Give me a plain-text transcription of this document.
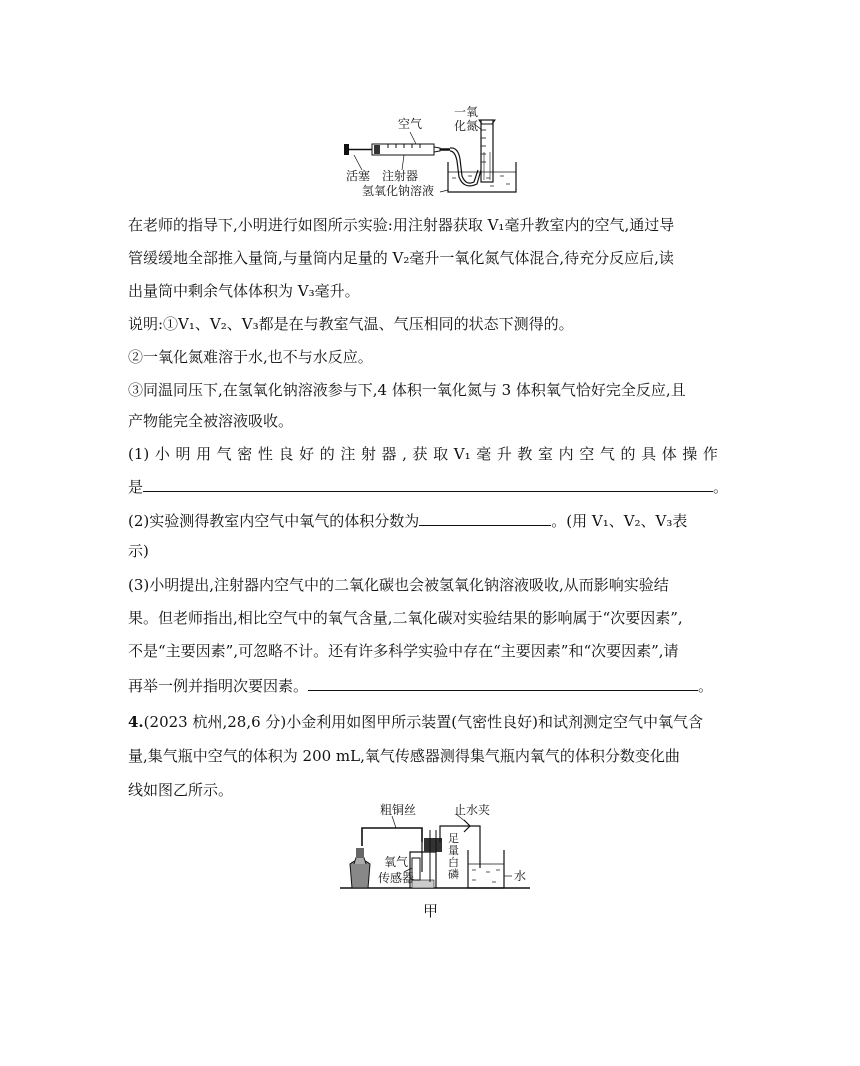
空气
一氧
化氮
活塞 注射器
氢氧化钠溶液
在老师的指导下,小明进行如图所示实验:用注射器获取 V₁毫升教室内的空气,通过导
管缓缓地全部推入量筒,与量筒内足量的 V₂毫升一氧化氮气体混合,待充分反应后,读
出量筒中剩余气体体积为 V₃毫升。
说明:①V₁、V₂、V₃都是在与教室气温、气压相同的状态下测得的。
②一氧化氮难溶于水,也不与水反应。
③同温同压下,在氢氧化钠溶液参与下,4 体积一氧化氮与 3 体积氧气恰好完全反应,且
产物能完全被溶液吸收。
(1) 小 明 用 气 密 性 良 好 的 注 射 器 , 获 取 V₁ 毫 升 教 室 内 空 气 的 具 体 操 作
是	。
(2)实验测得教室内空气中氧气的体积分数为	。(用 V₁、V₂、V₃表
示)
(3)小明提出,注射器内空气中的二氧化碳也会被氢氧化钠溶液吸收,从而影响实验结
果。但老师指出,相比空气中的氧气含量,二氧化碳对实验结果的影响属于“次要因素”,
不是“主要因素”,可忽略不计。还有许多科学实验中存在“主要因素”和“次要因素”,请
再举一例并指明次要因素。	。
4.(2023 杭州,28,6 分)小金利用如图甲所示装置(气密性良好)和试剂测定空气中氧气含
量,集气瓶中空气的体积为 200 mL,氧气传感器测得集气瓶内氧气的体积分数变化曲
线如图乙所示。
粗铜丝	止水夹
氧气
传感器
足
量
白
磷	水
甲
